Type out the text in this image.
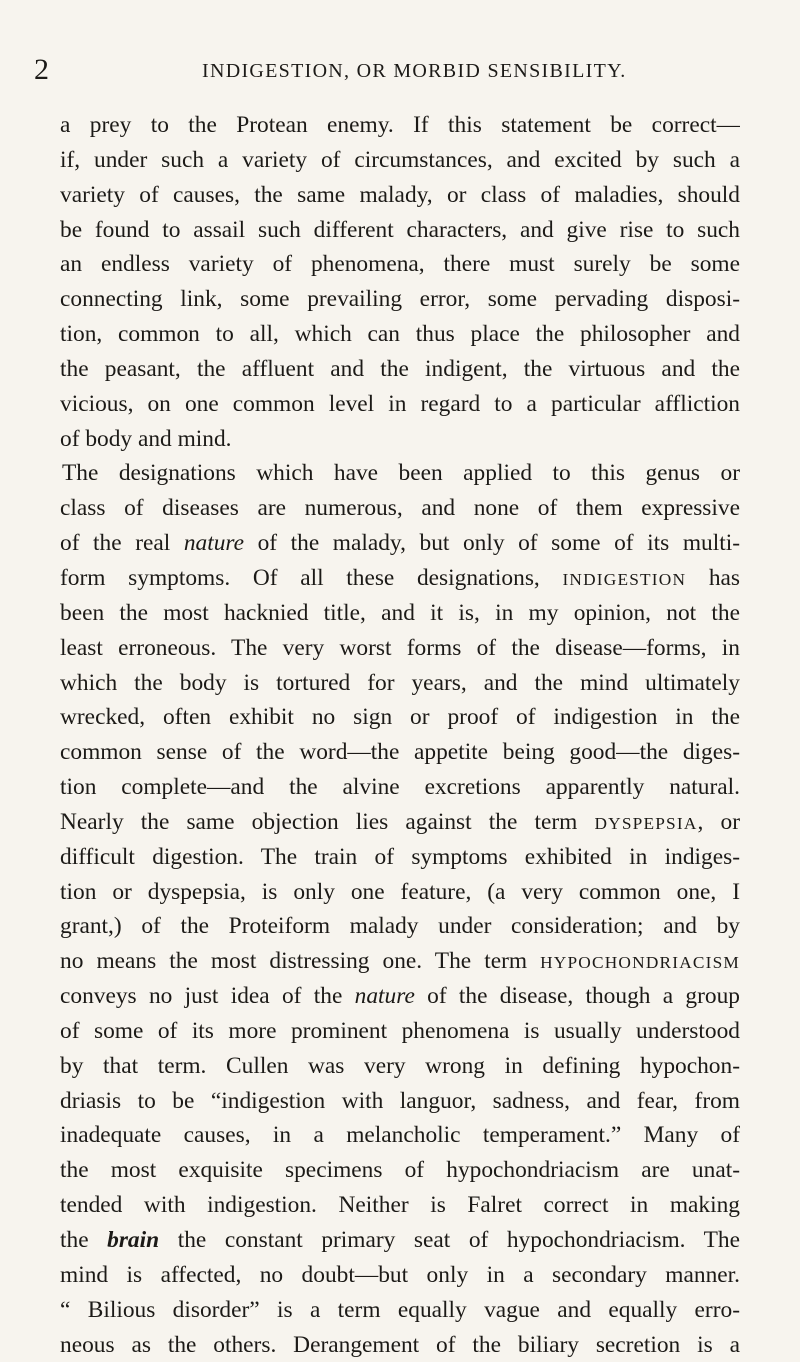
2	INDIGESTION, OR MORBID SENSIBILITY.
a prey to the Protean enemy. If this statement be correct—
if, under such a variety of circumstances, and excited by such a
variety of causes, the same malady, or class of maladies, should
be found to assail such different characters, and give rise to such
an endless variety of phenomena, there must surely be some
connecting link, some prevailing error, some pervading disposi-
tion, common to all, which can thus place the philosopher and
the peasant, the affluent and the indigent, the virtuous and the
vicious, on one common level in regard to a particular affliction
of body and mind.
The designations which have been applied to this genus or
class of diseases are numerous, and none of them expressive
of the real nature of the malady, but only of some of its multi-
form symptoms. Of all these designations, INDIGESTION has
been the most hacknied title, and it is, in my opinion, not the
least erroneous. The very worst forms of the disease—forms, in
which the body is tortured for years, and the mind ultimately
wrecked, often exhibit no sign or proof of indigestion in the
common sense of the word—the appetite being good—the diges-
tion complete—and the alvine excretions apparently natural.
Nearly the same objection lies against the term DYSPEPSIA, or
difficult digestion. The train of symptoms exhibited in indiges-
tion or dyspepsia, is only one feature, (a very common one, I
grant,) of the Proteiform malady under consideration; and by
no means the most distressing one. The term HYPOCHONDRIACISM
conveys no just idea of the nature of the disease, though a group
of some of its more prominent phenomena is usually understood
by that term. Cullen was very wrong in defining hypochon-
driasis to be “indigestion with languor, sadness, and fear, from
inadequate causes, in a melancholic temperament.” Many of
the most exquisite specimens of hypochondriacism are unat-
tended with indigestion. Neither is Falret correct in making
the brain the constant primary seat of hypochondriacism. The
mind is affected, no doubt—but only in a secondary manner.
“ Bilious disorder” is a term equally vague and equally erro-
neous as the others. Derangement of the biliary secretion is a
